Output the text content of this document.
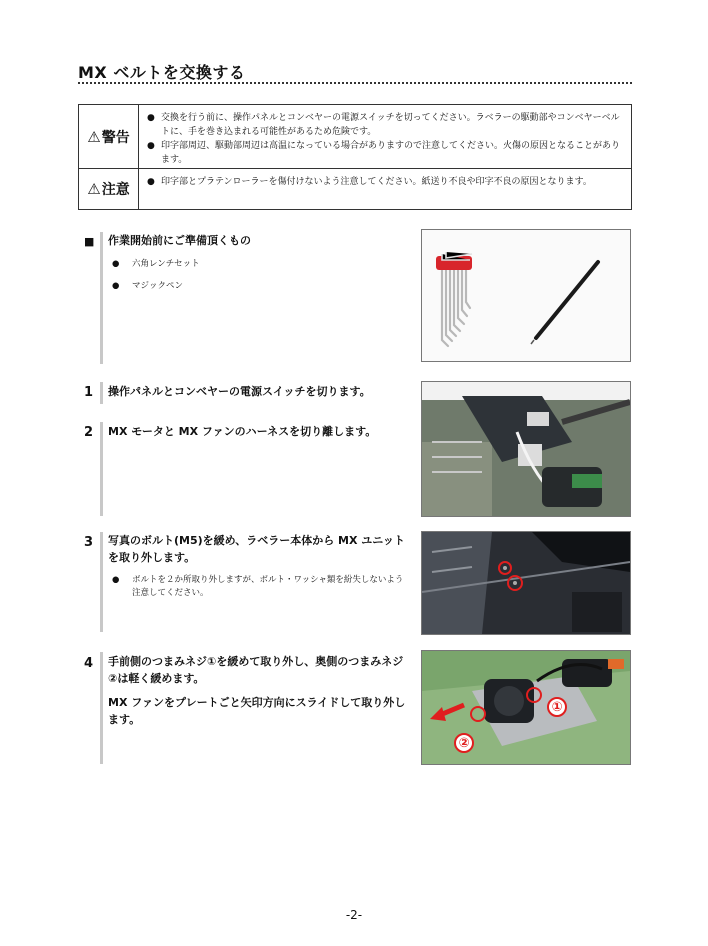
MX ベルトを交換する
⚠ 警告
● 交換を行う前に、操作パネルとコンベヤーの電源スイッチを切ってください。ラベラーの駆動部やコンベヤーベルトに、手を巻き込まれる可能性があるため危険です。
● 印字部周辺、駆動部周辺は高温になっている場合がありますので注意してください。火傷の原因となることがあります。
⚠ 注意 ● 印字部とプラテンローラーを傷付けないよう注意してください。紙送り不良や印字不良の原因となります。
■ 作業開始前にご準備頂くもの
●	六角レンチセット
●	マジックペン
1 操作パネルとコンベヤーの電源スイッチを切ります。
2 MX モータと MX ファンのハーネスを切り離します。
3 写真のボルト(M5)を緩め、ラベラー本体から MX ユニットを取り外します。
●	ボルトを２か所取り外しますが、ボルト・ワッシャ類を紛失しないよう注意してください。
4 手前側のつまみネジ①を緩めて取り外し、奥側のつまみネジ②は軽く緩めます。
MX ファンをプレートごと矢印方向にスライドして取り外します。
①
②
-2-
